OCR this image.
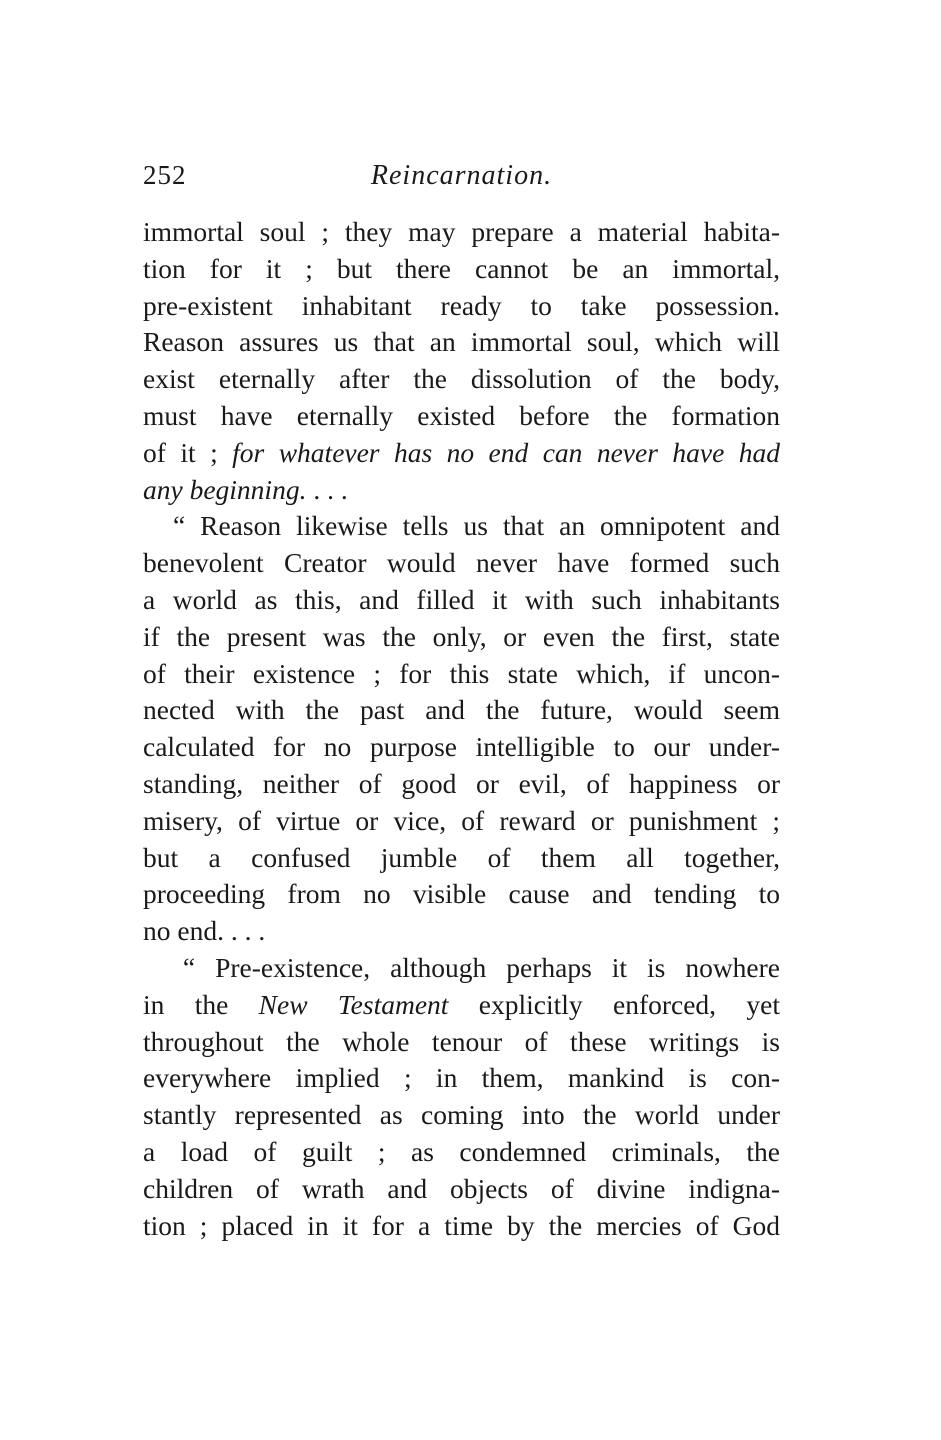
252	Reincarnation.
immortal soul ; they may prepare a material habita-
tion for it ; but there cannot be an immortal,
pre-existent inhabitant ready to take possession.
Reason assures us that an immortal soul, which will
exist eternally after the dissolution of the body,
must have eternally existed before the formation
of it ; for whatever has no end can never have had
any beginning. . . .
“ Reason likewise tells us that an omnipotent and
benevolent Creator would never have formed such
a world as this, and filled it with such inhabitants
if the present was the only, or even the first, state
of their existence ; for this state which, if uncon-
nected with the past and the future, would seem
calculated for no purpose intelligible to our under-
standing, neither of good or evil, of happiness or
misery, of virtue or vice, of reward or punishment ;
but a confused jumble of them all together,
proceeding from no visible cause and tending to
no end. . . .
“ Pre-existence, although perhaps it is nowhere
in the New Testament explicitly enforced, yet
throughout the whole tenour of these writings is
everywhere implied ; in them, mankind is con-
stantly represented as coming into the world under
a load of guilt ; as condemned criminals, the
children of wrath and objects of divine indigna-
tion ; placed in it for a time by the mercies of God
